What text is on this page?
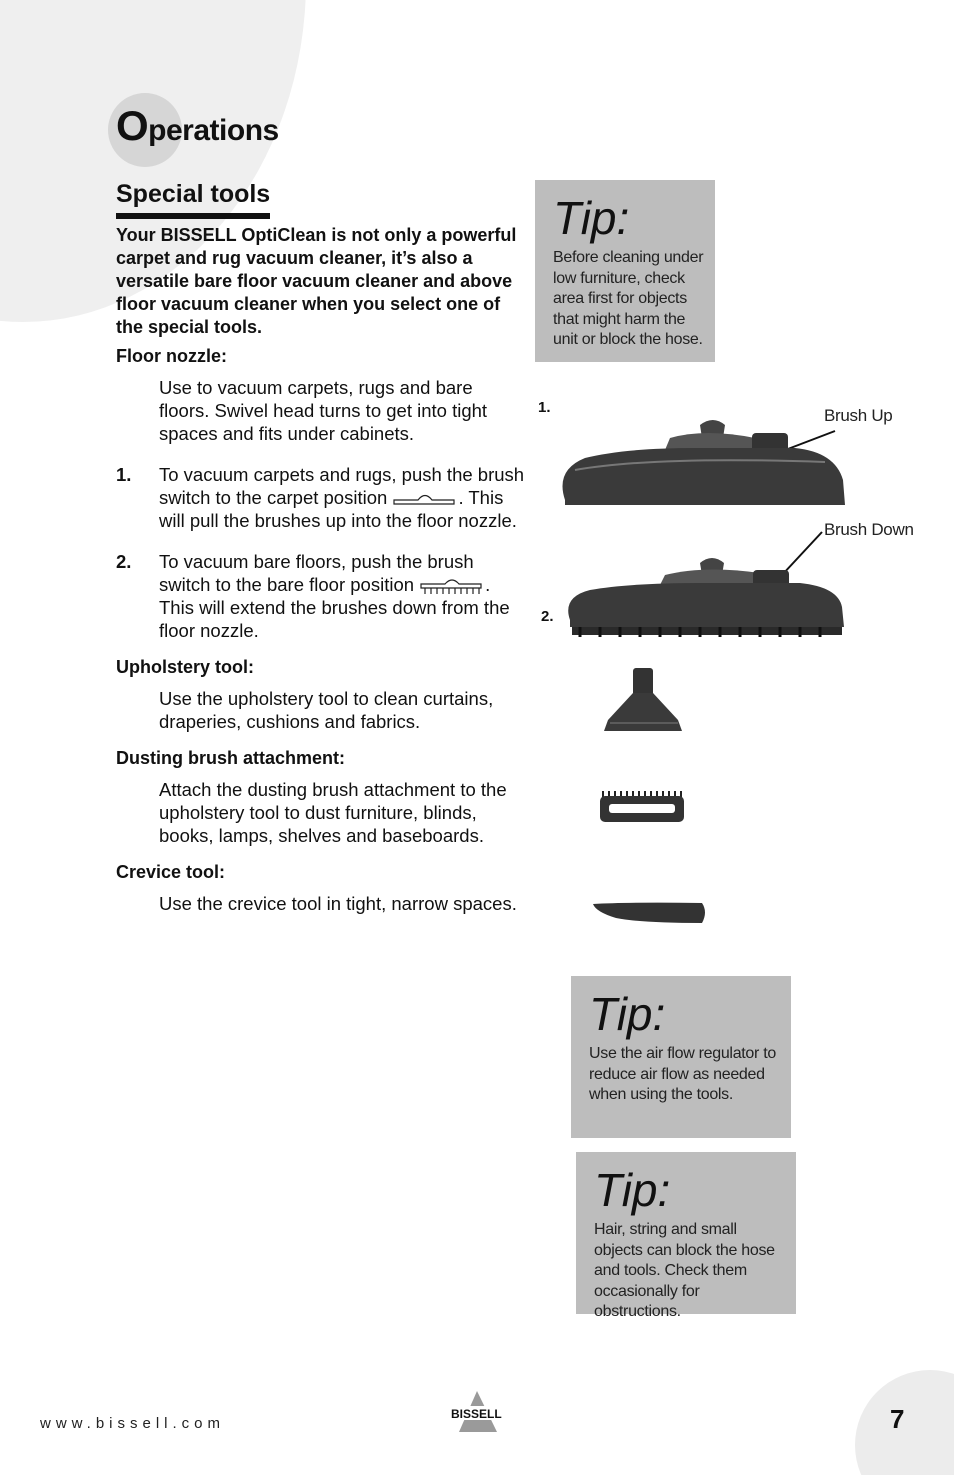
Operations
Special tools

Your BISSELL OptiClean is not only a powerful carpet and rug vacuum cleaner, it’s also a versatile bare floor vacuum cleaner and above floor vacuum cleaner when you select one of the special tools.

Floor nozzle:

Use to vacuum carpets, rugs and bare floors. Swivel head turns to get into tight spaces and fits under cabinets.

1. To vacuum carpets and rugs, push the brush switch to the carpet position	. This will pull the brushes up into the floor nozzle.

2. To vacuum bare floors, push the brush switch to the bare floor position	. This will extend the brushes down from the floor nozzle.

Upholstery tool:

Use the upholstery tool to clean curtains, draperies, cushions and fabrics.

Dusting brush attachment:

Attach the dusting brush attachment to the upholstery tool to dust furniture, blinds, books, lamps, shelves and baseboards.

Crevice tool:

Use the crevice tool in tight, narrow spaces.

Tip:
Before cleaning under low furniture, check area first for objects that might harm the unit or block the hose.
1.	Brush Up
Brush Down
2.
Tip:
Use the air flow regulator to reduce air flow as needed when using the tools.
Tip:
Hair, string and small objects can block the hose and tools. Check them occasionally for obstructions.
www.bissell.com
BISSELL	7
